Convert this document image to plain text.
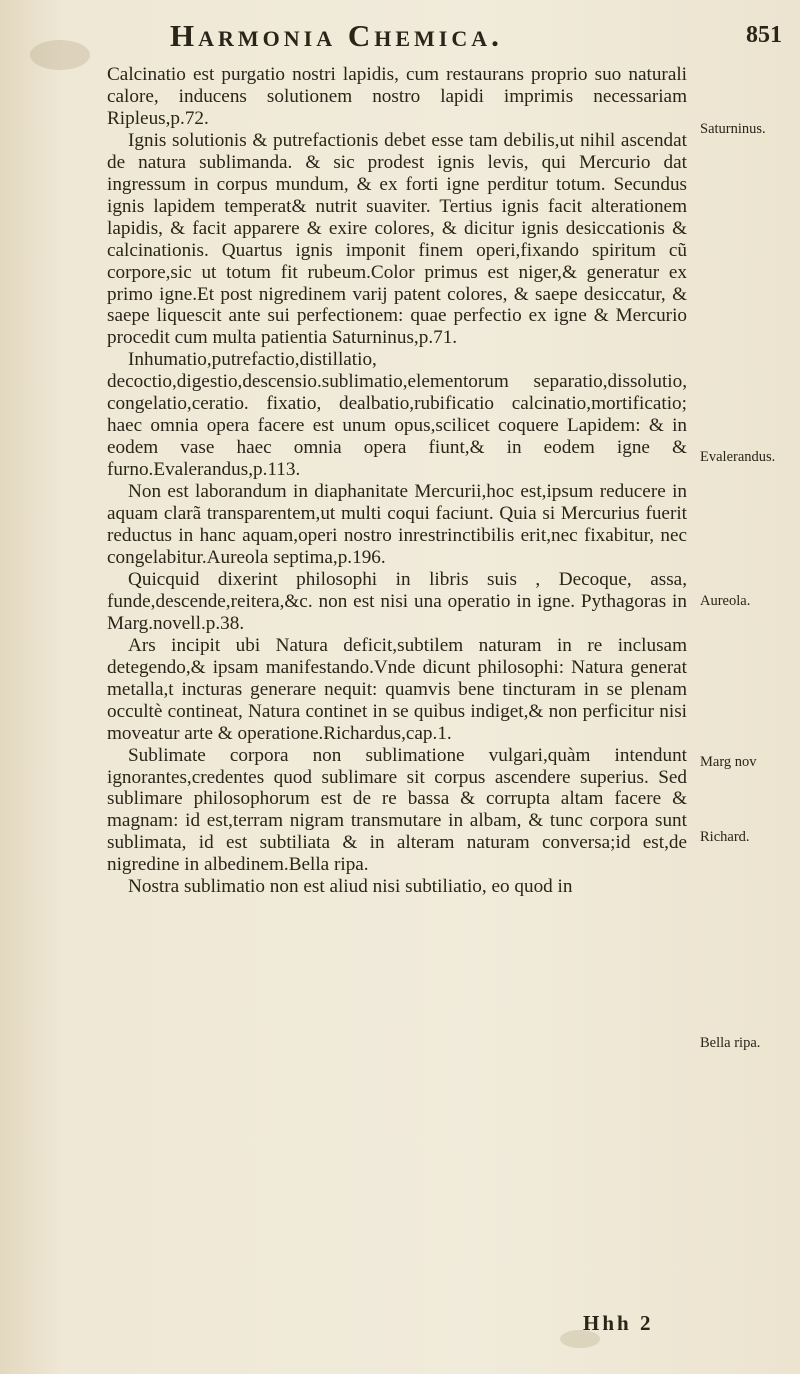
Harmonia Chemica.	851

Calcinatio est purgatio nostri lapidis, cum restaurans proprio suo naturali calore, inducens solutionem nostro lapidi imprimis necessariam Ripleus,p.72.

Ignis solutionis & putrefactionis debet esse tam debilis,ut nihil ascendat de natura sublimanda. & sic prodest ignis levis, qui Mercurio dat ingressum in corpus mundum, & ex forti igne perditur totum. Secundus ignis lapidem temperat& nutrit suaviter. Tertius ignis facit alterationem lapidis, & facit apparere & exire colores, & dicitur ignis desiccationis & calcinationis. Quartus ignis imponit finem operi,fixando spiritum cũ corpore,sic ut totum fit rubeum.Color primus est niger,& generatur ex primo igne.Et post nigredinem varij patent colores, & saepe desiccatur, & saepe liquescit ante sui perfectionem: quae perfectio ex igne & Mercurio procedit cum multa patientia Saturninus,p.71.

Inhumatio,putrefactio,distillatio, decoctio,digestio,descensio.sublimatio,elementorum separatio,dissolutio, congelatio,ceratio. fixatio, dealbatio,rubificatio calcinatio,mortificatio; haec omnia opera facere est unum opus,scilicet coquere Lapidem: & in eodem vase haec omnia opera fiunt,& in eodem igne & furno.Evalerandus,p.113.

Non est laborandum in diaphanitate Mercurii,hoc est,ipsum reducere in aquam clarã transparentem,ut multi coqui faciunt. Quia si Mercurius fuerit reductus in hanc aquam,operi nostro inrestrinctibilis erit,nec fixabitur, nec congelabitur.Aureola septima,p.196.

Quicquid dixerint philosophi in libris suis , Decoque, assa, funde,descende,reitera,&c. non est nisi una operatio in igne. Pythagoras in Marg.novell.p.38.

Ars incipit ubi Natura deficit,subtilem naturam in re inclusam detegendo,& ipsam manifestando.Vnde dicunt philosophi: Natura generat metalla,t incturas generare nequit: quamvis bene tincturam in se plenam occultè contineat, Natura continet in se quibus indiget,& non perficitur nisi moveatur arte & operatione.Richardus,cap.1.

Sublimate corpora non sublimatione vulgari,quàm intendunt ignorantes,credentes quod sublimare sit corpus ascendere superius. Sed sublimare philosophorum est de re bassa & corrupta altam facere & magnam: id est,terram nigram transmutare in albam, & tunc corpora sunt sublimata, id est subtiliata & in alteram naturam conversa;id est,de nigredine in albedinem.Bella ripa.

Nostra sublimatio non est aliud nisi subtiliatio, eo quod in

Saturninus.
Evalerandus.
Aureola.
Marg nov
Richard.
Bella ripa.
Hhh 2
